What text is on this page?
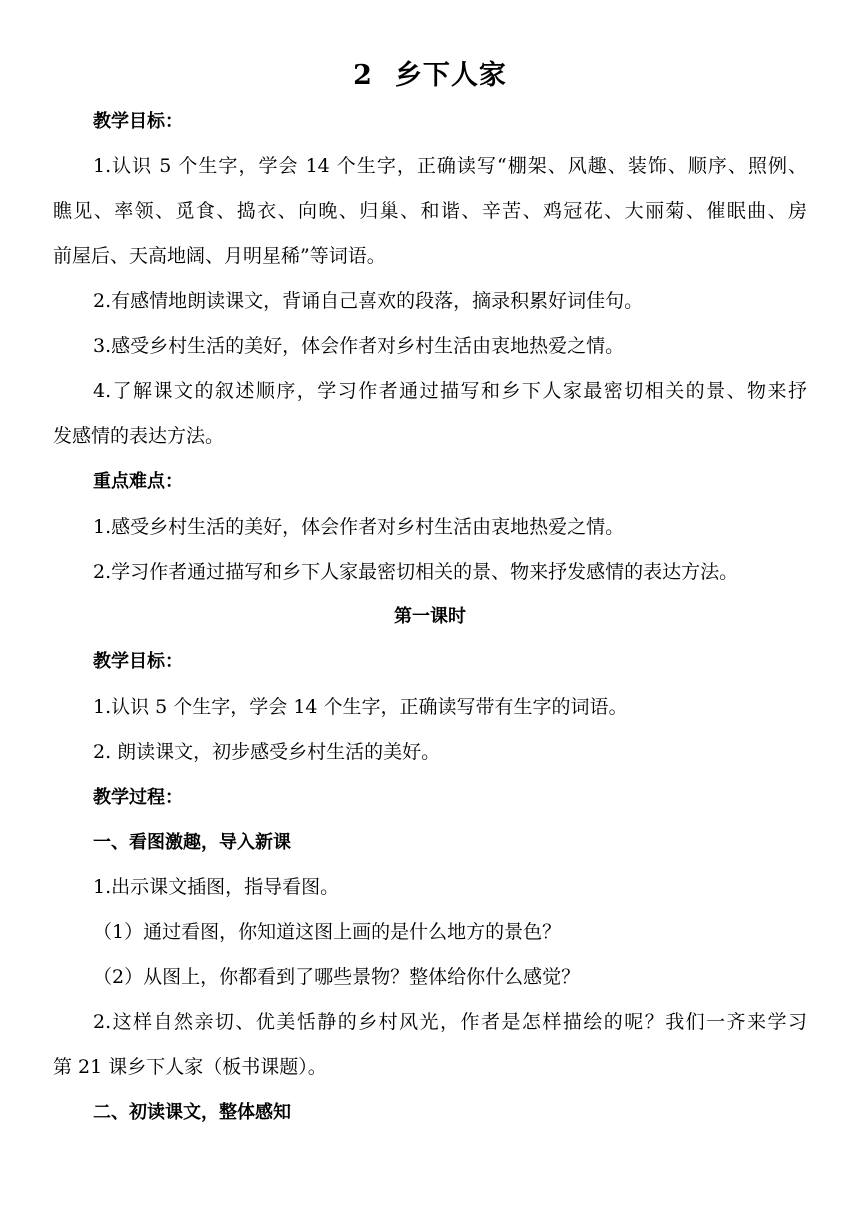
2 乡下人家
教学目标：
1.认识 5 个生字，学会 14 个生字，正确读写“棚架、风趣、装饰、顺序、照例、
瞧见、率领、觅食、捣衣、向晚、归巢、和谐、辛苦、鸡冠花、大丽菊、催眠曲、房
前屋后、天高地阔、月明星稀”等词语。
2.有感情地朗读课文，背诵自己喜欢的段落，摘录积累好词佳句。
3.感受乡村生活的美好，体会作者对乡村生活由衷地热爱之情。
4.了解课文的叙述顺序，学习作者通过描写和乡下人家最密切相关的景、物来抒
发感情的表达方法。
重点难点：
1.感受乡村生活的美好，体会作者对乡村生活由衷地热爱之情。
2.学习作者通过描写和乡下人家最密切相关的景、物来抒发感情的表达方法。
第一课时
教学目标：
1.认识 5 个生字，学会 14 个生字，正确读写带有生字的词语。
2. 朗读课文，初步感受乡村生活的美好。
教学过程：
一、看图激趣，导入新课
1.出示课文插图，指导看图。
（1）通过看图，你知道这图上画的是什么地方的景色？
（2）从图上，你都看到了哪些景物？整体给你什么感觉？
2.这样自然亲切、优美恬静的乡村风光，作者是怎样描绘的呢？我们一齐来学习
第 21 课乡下人家（板书课题）。
二、初读课文，整体感知
